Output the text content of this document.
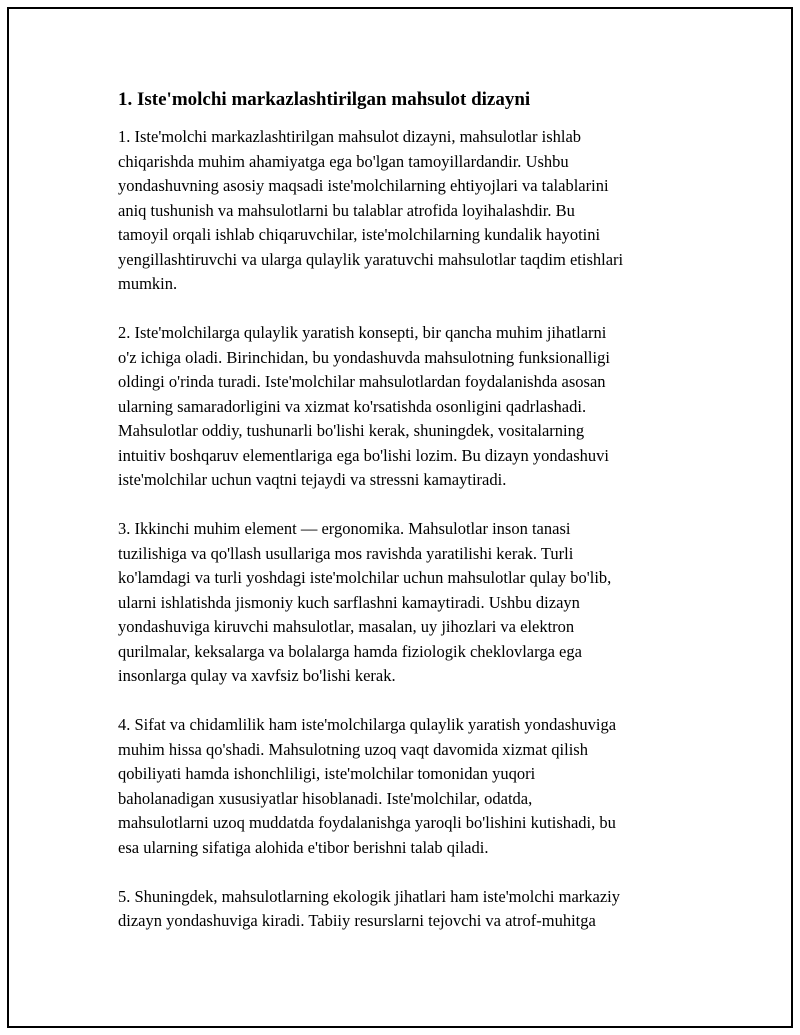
1. Iste'molchi markazlashtirilgan mahsulot dizayni

1. Iste'molchi markazlashtirilgan mahsulot dizayni, mahsulotlar ishlab
chiqarishda muhim ahamiyatga ega bo'lgan tamoyillardandir. Ushbu
yondashuvning asosiy maqsadi iste'molchilarning ehtiyojlari va talablarini
aniq tushunish va mahsulotlarni bu talablar atrofida loyihalashdir. Bu
tamoyil orqali ishlab chiqaruvchilar, iste'molchilarning kundalik hayotini
yengillashtiruvchi va ularga qulaylik yaratuvchi mahsulotlar taqdim etishlari
mumkin.

2. Iste'molchilarga qulaylik yaratish konsepti, bir qancha muhim jihatlarni
o'z ichiga oladi. Birinchidan, bu yondashuvda mahsulotning funksionalligi
oldingi o'rinda turadi. Iste'molchilar mahsulotlardan foydalanishda asosan
ularning samaradorligini va xizmat ko'rsatishda osonligini qadrlashadi.
Mahsulotlar oddiy, tushunarli bo'lishi kerak, shuningdek, vositalarning
intuitiv boshqaruv elementlariga ega bo'lishi lozim. Bu dizayn yondashuvi
iste'molchilar uchun vaqtni tejaydi va stressni kamaytiradi.

3. Ikkinchi muhim element — ergonomika. Mahsulotlar inson tanasi
tuzilishiga va qo'llash usullariga mos ravishda yaratilishi kerak. Turli
ko'lamdagi va turli yoshdagi iste'molchilar uchun mahsulotlar qulay bo'lib,
ularni ishlatishda jismoniy kuch sarflashni kamaytiradi. Ushbu dizayn
yondashuviga kiruvchi mahsulotlar, masalan, uy jihozlari va elektron
qurilmalar, keksalarga va bolalarga hamda fiziologik cheklovlarga ega
insonlarga qulay va xavfsiz bo'lishi kerak.

4. Sifat va chidamlilik ham iste'molchilarga qulaylik yaratish yondashuviga
muhim hissa qo'shadi. Mahsulotning uzoq vaqt davomida xizmat qilish
qobiliyati hamda ishonchliligi, iste'molchilar tomonidan yuqori
baholanadigan xususiyatlar hisoblanadi. Iste'molchilar, odatda,
mahsulotlarni uzoq muddatda foydalanishga yaroqli bo'lishini kutishadi, bu
esa ularning sifatiga alohida e'tibor berishni talab qiladi.

5. Shuningdek, mahsulotlarning ekologik jihatlari ham iste'molchi markaziy
dizayn yondashuviga kiradi. Tabiiy resurslarni tejovchi va atrof-muhitga
